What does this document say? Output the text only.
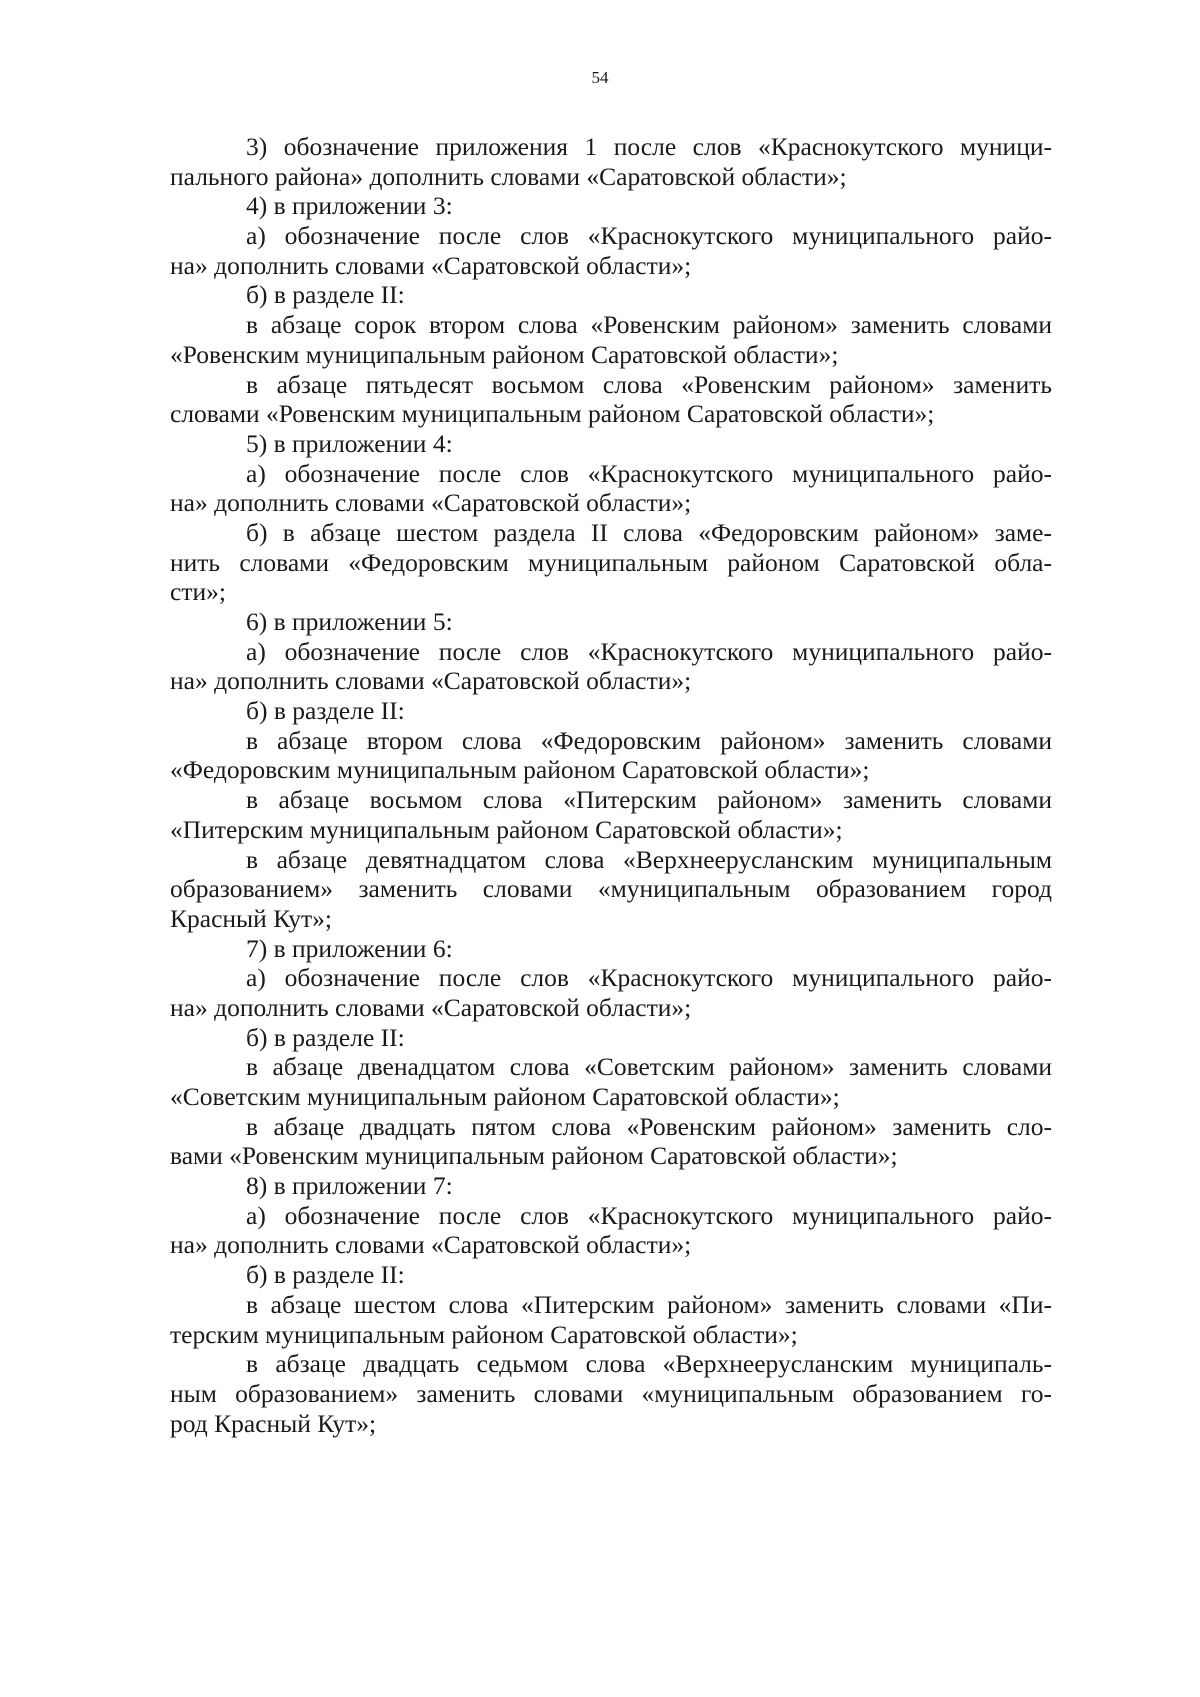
54
3) обозначение приложения 1 после слов «Краснокутского муници-
пального района» дополнить словами «Саратовской области»;
4) в приложении 3:
а) обозначение после слов «Краснокутского муниципального райо-
на» дополнить словами «Саратовской области»;
б) в разделе II:
в абзаце сорок втором слова «Ровенским районом» заменить словами
«Ровенским муниципальным районом Саратовской области»;
в абзаце пятьдесят восьмом слова «Ровенским районом» заменить
словами «Ровенским муниципальным районом Саратовской области»;
5) в приложении 4:
а) обозначение после слов «Краснокутского муниципального райо-
на» дополнить словами «Саратовской области»;
б) в абзаце шестом раздела II слова «Федоровским районом» заме-
нить словами «Федоровским муниципальным районом Саратовской обла-
сти»;
6) в приложении 5:
а) обозначение после слов «Краснокутского муниципального райо-
на» дополнить словами «Саратовской области»;
б) в разделе II:
в абзаце втором слова «Федоровским районом» заменить словами
«Федоровским муниципальным районом Саратовской области»;
в абзаце восьмом слова «Питерским районом» заменить словами
«Питерским муниципальным районом Саратовской области»;
в абзаце девятнадцатом слова «Верхнеерусланским муниципальным
образованием» заменить словами «муниципальным образованием город
Красный Кут»;
7) в приложении 6:
а) обозначение после слов «Краснокутского муниципального райо-
на» дополнить словами «Саратовской области»;
б) в разделе II:
в абзаце двенадцатом слова «Советским районом» заменить словами
«Советским муниципальным районом Саратовской области»;
в абзаце двадцать пятом слова «Ровенским районом» заменить сло-
вами «Ровенским муниципальным районом Саратовской области»;
8) в приложении 7:
а) обозначение после слов «Краснокутского муниципального райо-
на» дополнить словами «Саратовской области»;
б) в разделе II:
в абзаце шестом слова «Питерским районом» заменить словами «Пи-
терским муниципальным районом Саратовской области»;
в абзаце двадцать седьмом слова «Верхнеерусланским муниципаль-
ным образованием» заменить словами «муниципальным образованием го-
род Красный Кут»;
